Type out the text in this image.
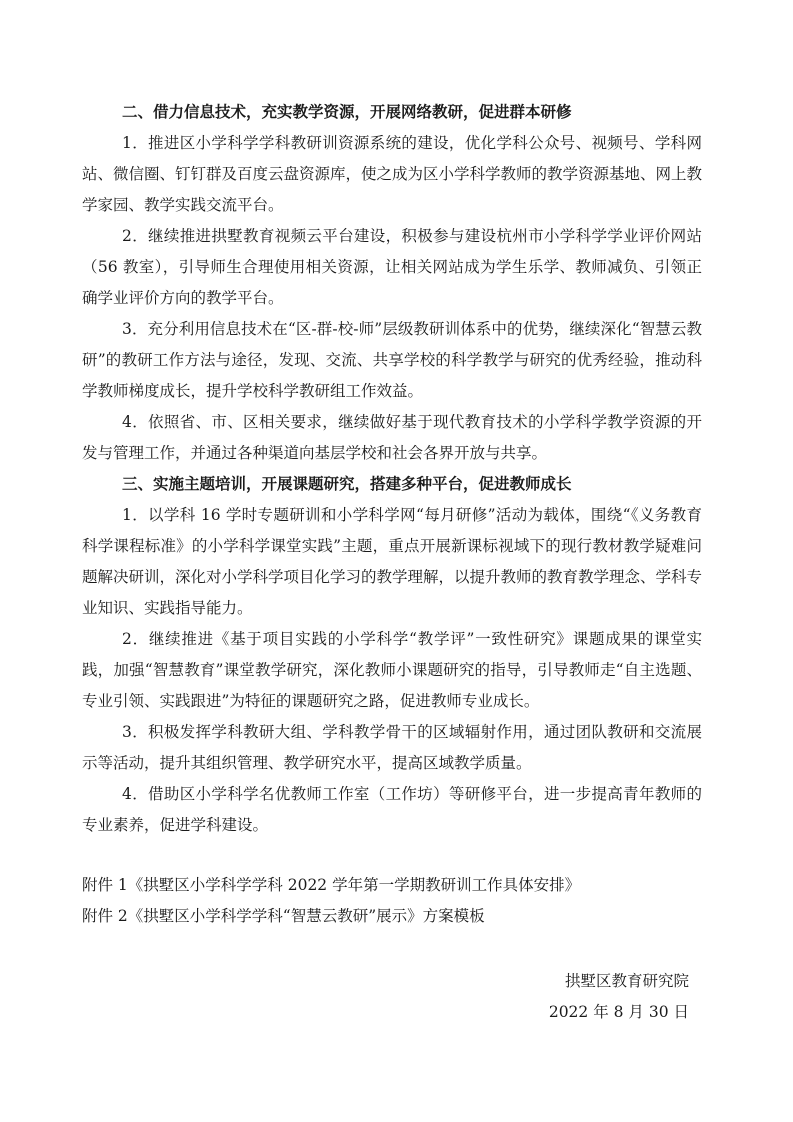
二、借力信息技术，充实教学资源，开展网络教研，促进群本研修

1．推进区小学科学学科教研训资源系统的建设，优化学科公众号、视频号、学科网站、微信圈、钉钉群及百度云盘资源库，使之成为区小学科学教师的教学资源基地、网上教学家园、教学实践交流平台。

2．继续推进拱墅教育视频云平台建设，积极参与建设杭州市小学科学学业评价网站（56 教室），引导师生合理使用相关资源，让相关网站成为学生乐学、教师减负、引领正确学业评价方向的教学平台。

3．充分利用信息技术在“区-群-校-师”层级教研训体系中的优势，继续深化“智慧云教研”的教研工作方法与途径，发现、交流、共享学校的科学教学与研究的优秀经验，推动科学教师梯度成长，提升学校科学教研组工作效益。

4．依照省、市、区相关要求，继续做好基于现代教育技术的小学科学教学资源的开发与管理工作，并通过各种渠道向基层学校和社会各界开放与共享。

三、实施主题培训，开展课题研究，搭建多种平台，促进教师成长

1．以学科 16 学时专题研训和小学科学网“每月研修”活动为载体，围绕“《义务教育科学课程标准》的小学科学课堂实践”主题，重点开展新课标视域下的现行教材教学疑难问题解决研训，深化对小学科学项目化学习的教学理解，以提升教师的教育教学理念、学科专业知识、实践指导能力。

2．继续推进《基于项目实践的小学科学“教学评”一致性研究》课题成果的课堂实践，加强“智慧教育”课堂教学研究，深化教师小课题研究的指导，引导教师走“自主选题、专业引领、实践跟进”为特征的课题研究之路，促进教师专业成长。

3．积极发挥学科教研大组、学科教学骨干的区域辐射作用，通过团队教研和交流展示等活动，提升其组织管理、教学研究水平，提高区域教学质量。

4．借助区小学科学名优教师工作室（工作坊）等研修平台，进一步提高青年教师的专业素养，促进学科建设。

附件 1《拱墅区小学科学学科 2022 学年第一学期教研训工作具体安排》

附件 2《拱墅区小学科学学科“智慧云教研”展示》方案模板

拱墅区教育研究院

2022 年 8 月 30 日
